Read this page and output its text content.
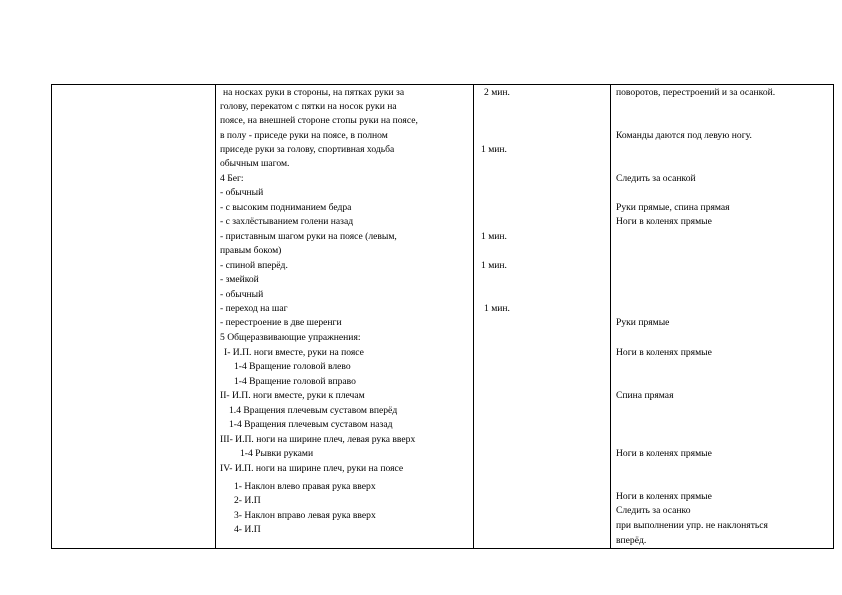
на носках руки в стороны, на пятках руки за
голову, перекатом с пятки на носок руки на
поясе, на внешней стороне стопы руки на поясе,
в полу - приседе руки на поясе, в полном
приседе руки за голову, спортивная ходьба
обычным шагом.
4 Бег:
- обычный
- с высоким подниманием бедра
- с захлёстыванием голени назад
- приставным шагом руки на поясе (левым,
правым боком)
- спиной вперёд.
- змейкой
- обычный
- переход на шаг
- перестроение в две шеренги
5 Общеразвивающие упражнения:
I- И.П. ноги вместе, руки на поясе
1-4 Вращение головой влево
1-4 Вращение головой вправо
II- И.П. ноги вместе, руки к плечам
1.4 Вращения плечевым суставом вперёд
1-4 Вращения плечевым суставом назад
III- И.П. ноги на ширине плеч, левая рука вверх
1-4 Рывки руками
IV- И.П. ноги на ширине плеч, руки на поясе
1- Наклон влево правая рука вверх
2- И.П
3- Наклон вправо левая рука вверх
4- И.П
2 мин.
1 мин.
1 мин.
1 мин.
1 мин.
поворотов, перестроений и за осанкой.
Команды даются под левую ногу.
Следить за осанкой
Руки прямые, спина прямая
Ноги в коленях прямые
Руки прямые
Ноги в коленях прямые
Спина прямая
Ноги в коленях прямые
Ноги в коленях прямые
Следить за осанко
при выполнении упр. не наклоняться
вперёд.
